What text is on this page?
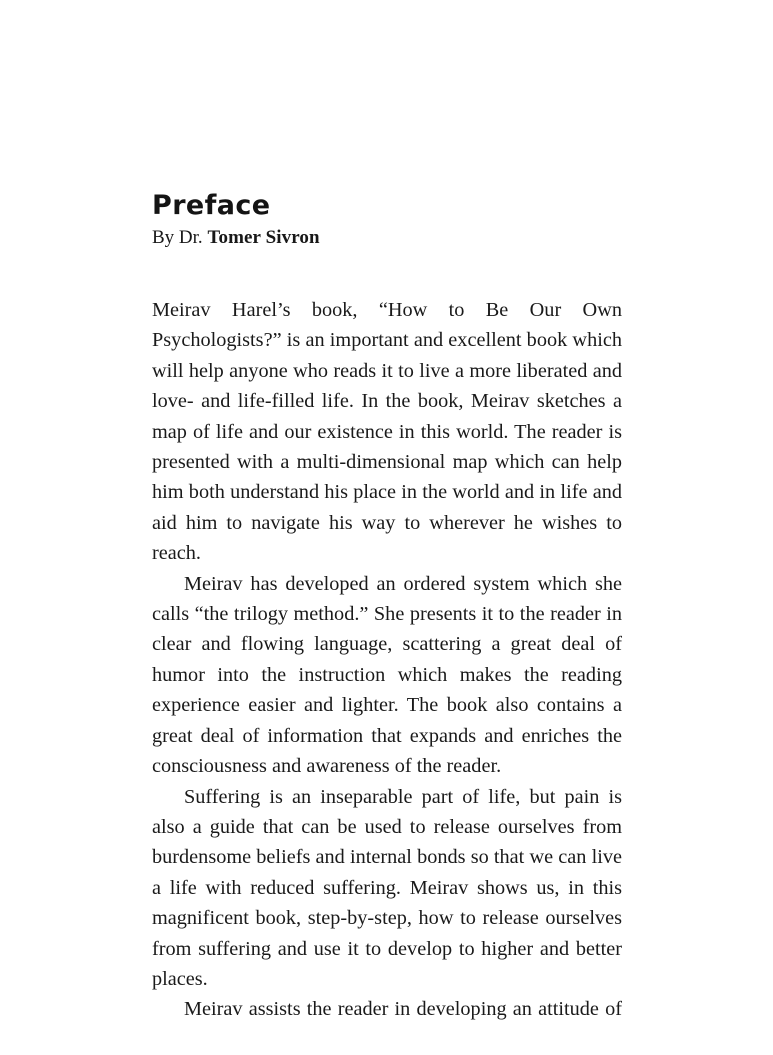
Preface
By Dr. Tomer Sivron

Meirav Harel’s book, “How to Be Our Own Psychologists?” is an important and excellent book which will help anyone who reads it to live a more liberated and love- and life-filled life. In the book, Meirav sketches a map of life and our existence in this world. The reader is presented with a multi-dimensional map which can help him both understand his place in the world and in life and aid him to navigate his way to wherever he wishes to reach.

Meirav has developed an ordered system which she calls “the trilogy method.” She presents it to the reader in clear and flowing language, scattering a great deal of humor into the instruction which makes the reading experience easier and lighter. The book also contains a great deal of information that expands and enriches the consciousness and awareness of the reader.

Suffering is an inseparable part of life, but pain is also a guide that can be used to release ourselves from burdensome beliefs and internal bonds so that we can live a life with reduced suffering. Meirav shows us, in this magnificent book, step-by-step, how to release ourselves from suffering and use it to develop to higher and better places.

Meirav assists the reader in developing an attitude of
